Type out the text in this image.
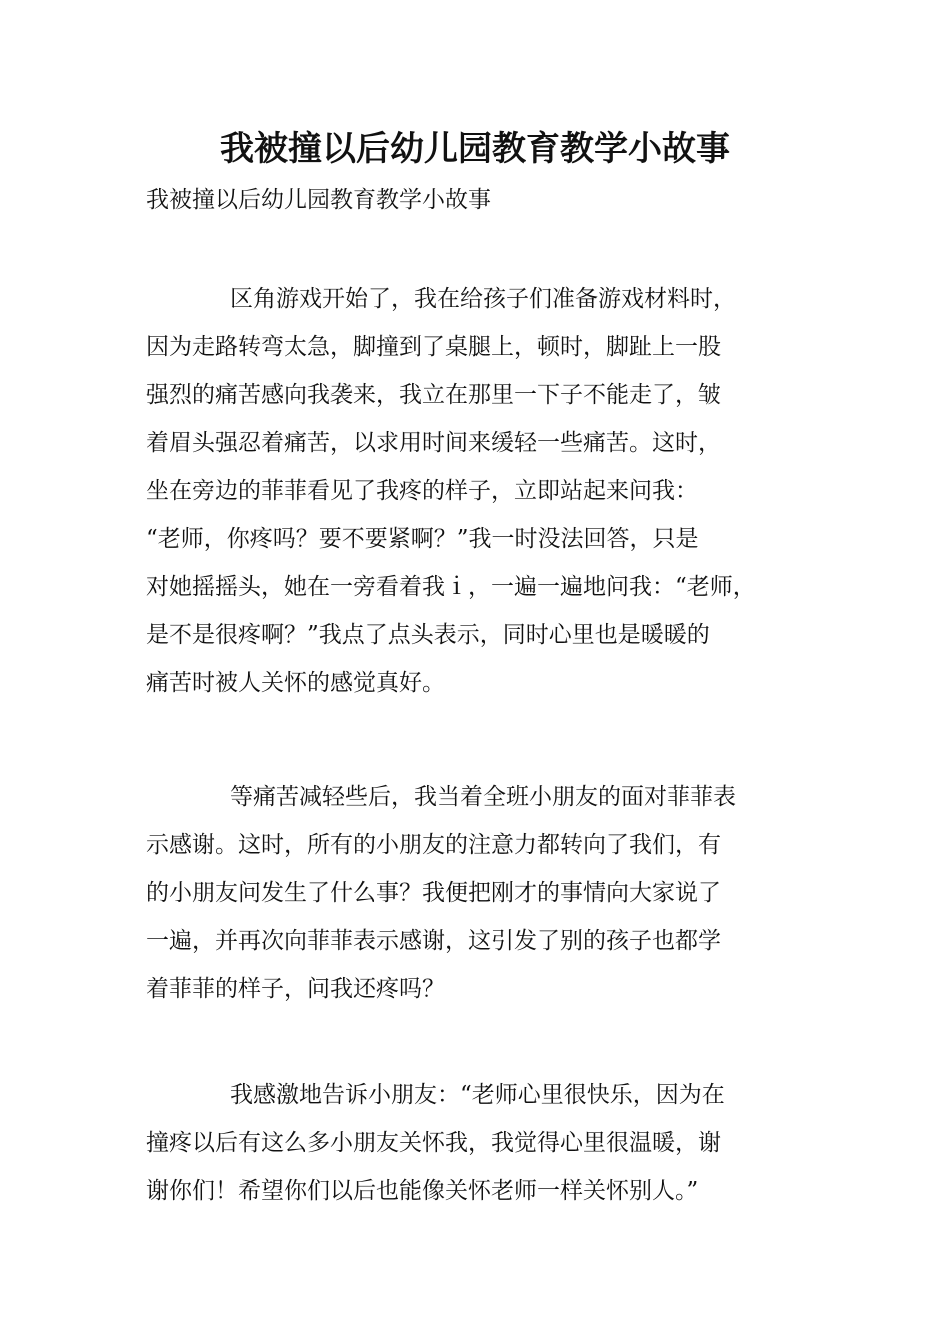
我被撞以后幼儿园教育教学小故事

我被撞以后幼儿园教育教学小故事

区角游戏开始了，我在给孩子们准备游戏材料时，
因为走路转弯太急，脚撞到了桌腿上，顿时，脚趾上一股
强烈的痛苦感向我袭来，我立在那里一下子不能走了，皱
着眉头强忍着痛苦，以求用时间来缓轻一些痛苦。这时，
坐在旁边的菲菲看见了我疼的样子，立即站起来问我：
“老师，你疼吗？要不要紧啊？”我一时没法回答，只是
对她摇摇头，她在一旁看着我ｉ，一遍一遍地问我：“老师，
是不是很疼啊？”我点了点头表示，同时心里也是暖暖的
痛苦时被人关怀的感觉真好。
等痛苦减轻些后，我当着全班小朋友的面对菲菲表
示感谢。这时，所有的小朋友的注意力都转向了我们，有
的小朋友问发生了什么事？我便把刚才的事情向大家说了
一遍，并再次向菲菲表示感谢，这引发了别的孩子也都学
着菲菲的样子，问我还疼吗？
我感激地告诉小朋友：“老师心里很快乐，因为在
撞疼以后有这么多小朋友关怀我，我觉得心里很温暖，谢
谢你们！希望你们以后也能像关怀老师一样关怀别人。”
